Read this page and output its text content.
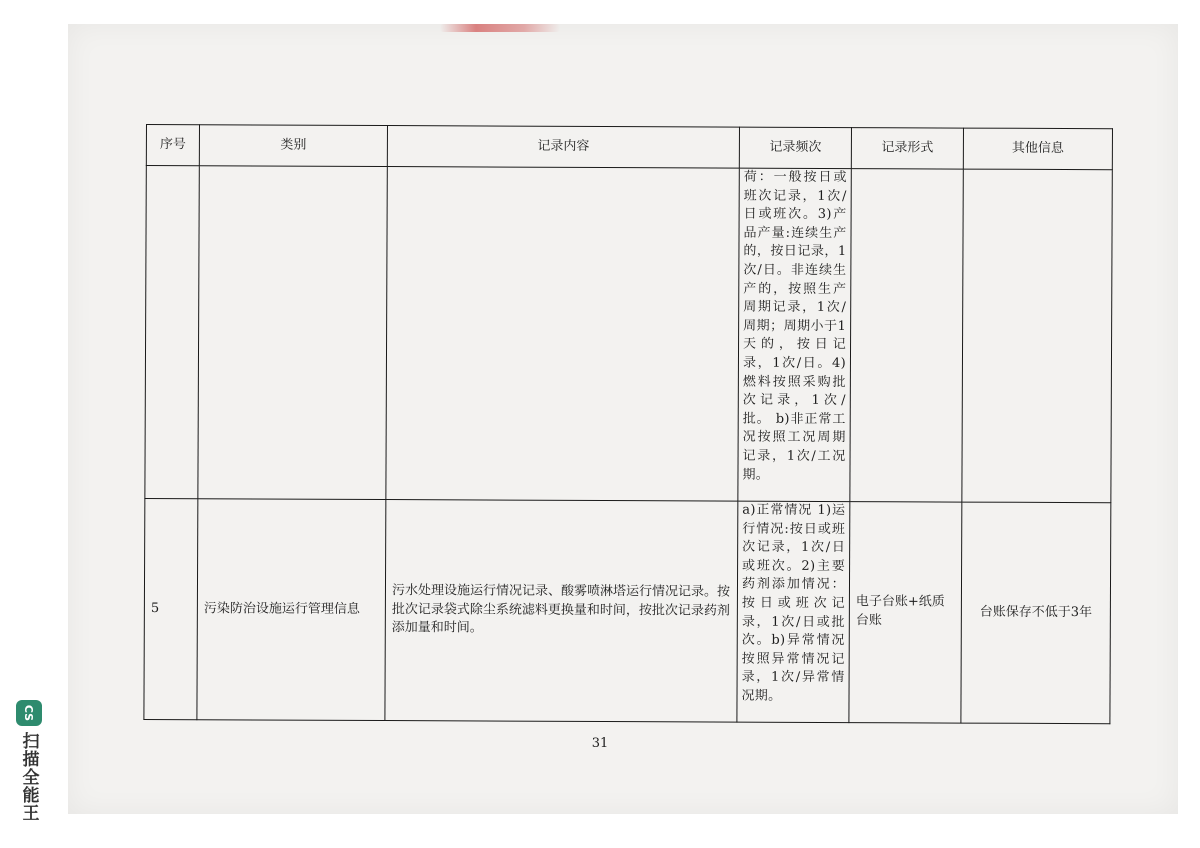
序号	类别	记录内容	记录频次	记录形式	其他信息
			荷：一般按日或班次记录，1次/日或班次。3)产品产量:连续生产的，按日记录，1次/日。非连续生产的，按照生产周期记录，1次/周期；周期小于1天的，按日记录，1次/日。4)燃料按照采购批次记录，1次/批。 b)非正常工况按照工况周期记录，1次/工况期。		
5	污染防治设施运行管理信息	污水处理设施运行情况记录、酸雾喷淋塔运行情况记录。按批次记录袋式除尘系统滤料更换量和时间，按批次记录药剂添加量和时间。	a)正常情况 1)运行情况:按日或班次记录，1次/日或班次。2)主要药剂添加情况：按日或班次记录，1次/日或批次。b)异常情况按照异常情况记录，1次/异常情况期。	电子台账+纸质台账	台账保存不低于3年
31
CS
扫描全能王
